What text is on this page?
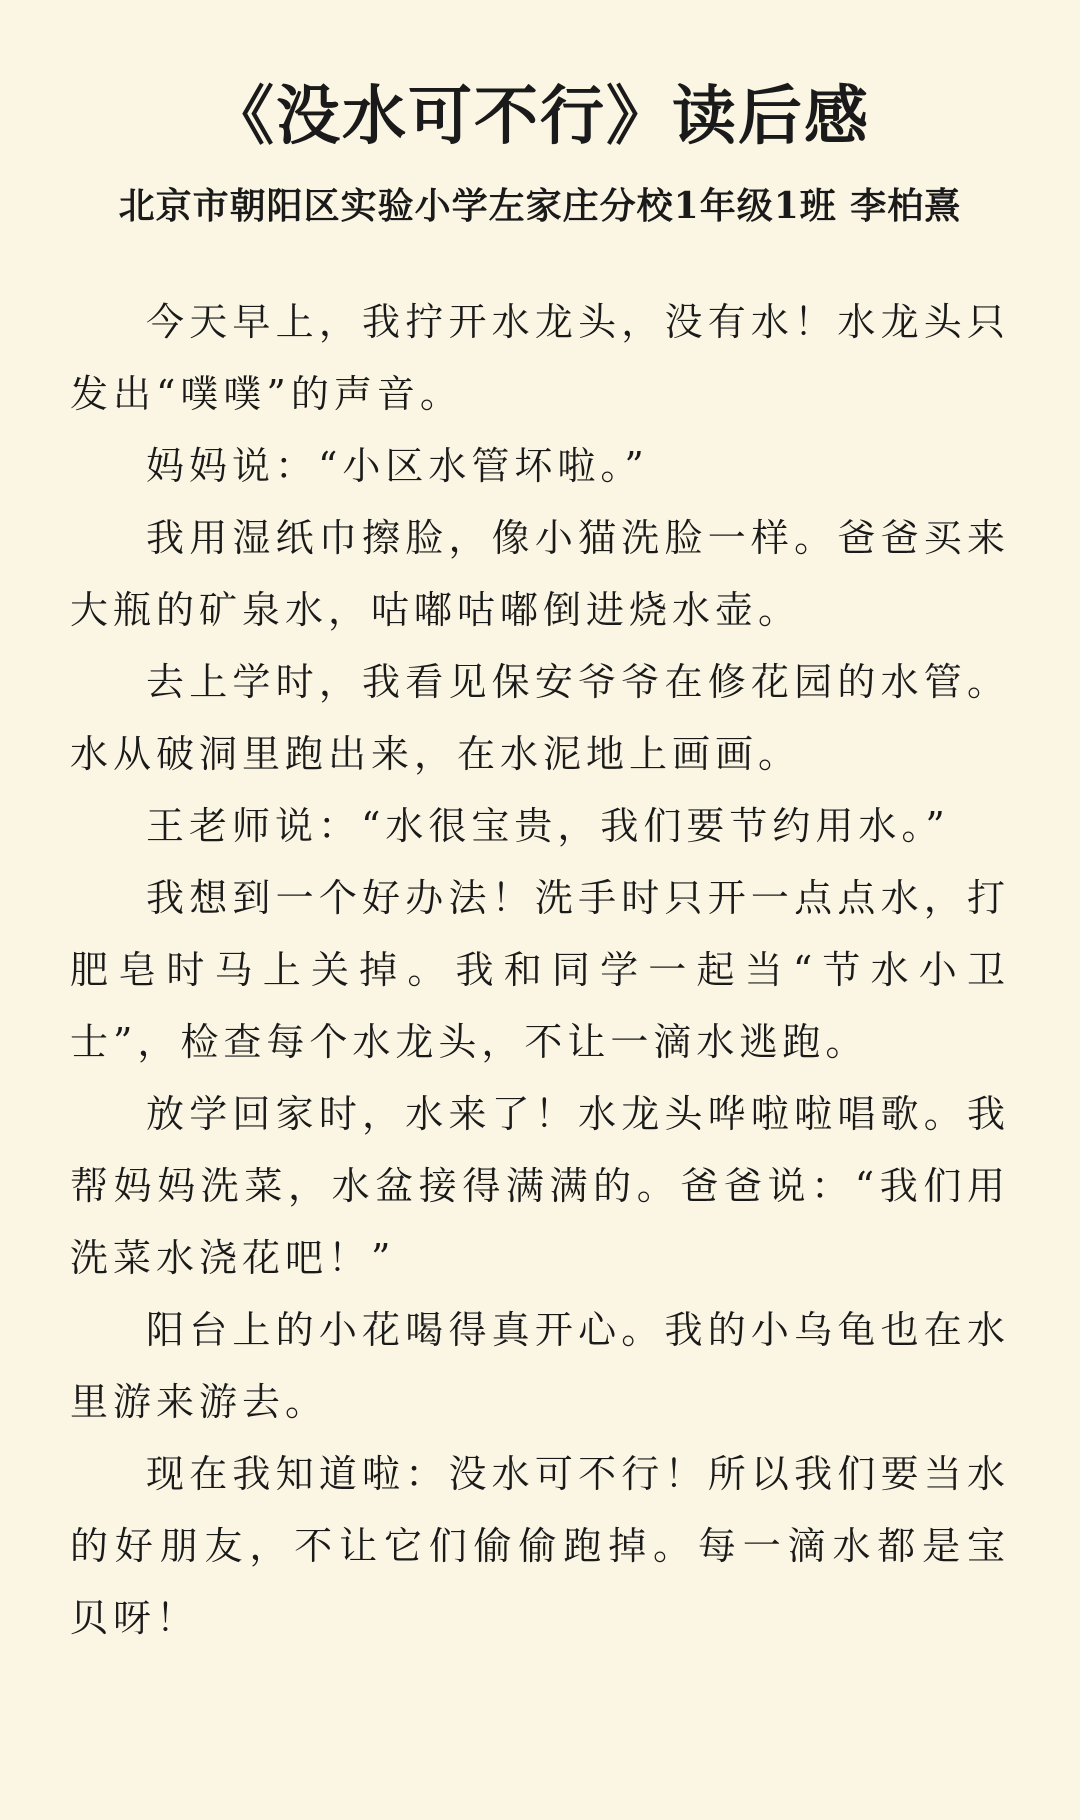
《没水可不行》读后感
北京市朝阳区实验小学左家庄分校1年级1班 李柏熹

今天早上，我拧开水龙头，没有水！水龙头只发出“噗噗”的声音。

妈妈说：“小区水管坏啦。”

我用湿纸巾擦脸，像小猫洗脸一样。爸爸买来大瓶的矿泉水，咕嘟咕嘟倒进烧水壶。

去上学时，我看见保安爷爷在修花园的水管。水从破洞里跑出来，在水泥地上画画。

王老师说：“水很宝贵，我们要节约用水。”

我想到一个好办法！洗手时只开一点点水，打肥皂时马上关掉。我和同学一起当“节水小卫士”，检查每个水龙头，不让一滴水逃跑。

放学回家时，水来了！水龙头哗啦啦唱歌。我帮妈妈洗菜，水盆接得满满的。爸爸说：“我们用洗菜水浇花吧！”

阳台上的小花喝得真开心。我的小乌龟也在水里游来游去。

现在我知道啦：没水可不行！所以我们要当水的好朋友，不让它们偷偷跑掉。每一滴水都是宝贝呀！
